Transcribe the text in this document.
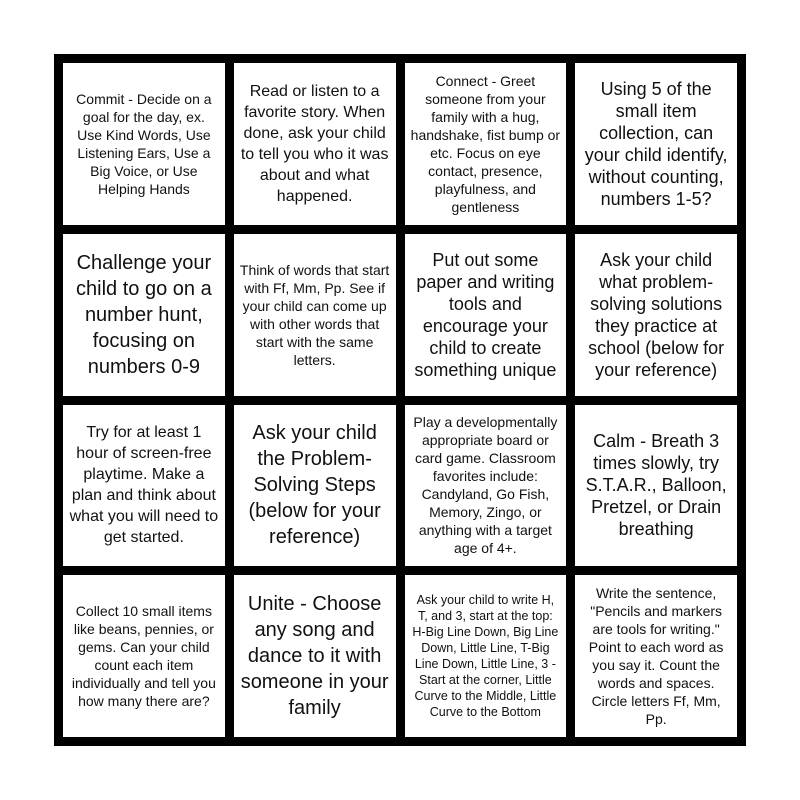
Commit - Decide on a goal for the day, ex. Use Kind Words, Use Listening Ears, Use a Big Voice, or Use Helping Hands
Read or listen to a favorite story. When done, ask your child to tell you who it was about and what happened.
Connect - Greet someone from your family with a hug, handshake, fist bump or etc. Focus on eye contact, presence, playfulness, and gentleness
Using 5 of the small item collection, can your child identify, without counting, numbers 1-5?
Challenge your child to go on a number hunt, focusing on numbers 0-9
Think of words that start with Ff, Mm, Pp. See if your child can come up with other words that start with the same letters.
Put out some paper and writing tools and encourage your child to create something unique
Ask your child what problem-solving solutions they practice at school (below for your reference)
Try for at least 1 hour of screen-free playtime. Make a plan and think about what you will need to get started.
Ask your child the Problem-Solving Steps (below for your reference)
Play a developmentally appropriate board or card game. Classroom favorites include: Candyland, Go Fish, Memory, Zingo, or anything with a target age of 4+.
Calm - Breath 3 times slowly, try S.T.A.R., Balloon, Pretzel, or Drain breathing
Collect 10 small items like beans, pennies, or gems. Can your child count each item individually and tell you how many there are?
Unite - Choose any song and dance to it with someone in your family
Ask your child to write H, T, and 3, start at the top: H-Big Line Down, Big Line Down, Little Line, T-Big Line Down, Little Line, 3 - Start at the corner, Little Curve to the Middle, Little Curve to the Bottom
Write the sentence, "Pencils and markers are tools for writing." Point to each word as you say it. Count the words and spaces. Circle letters Ff, Mm, Pp.
